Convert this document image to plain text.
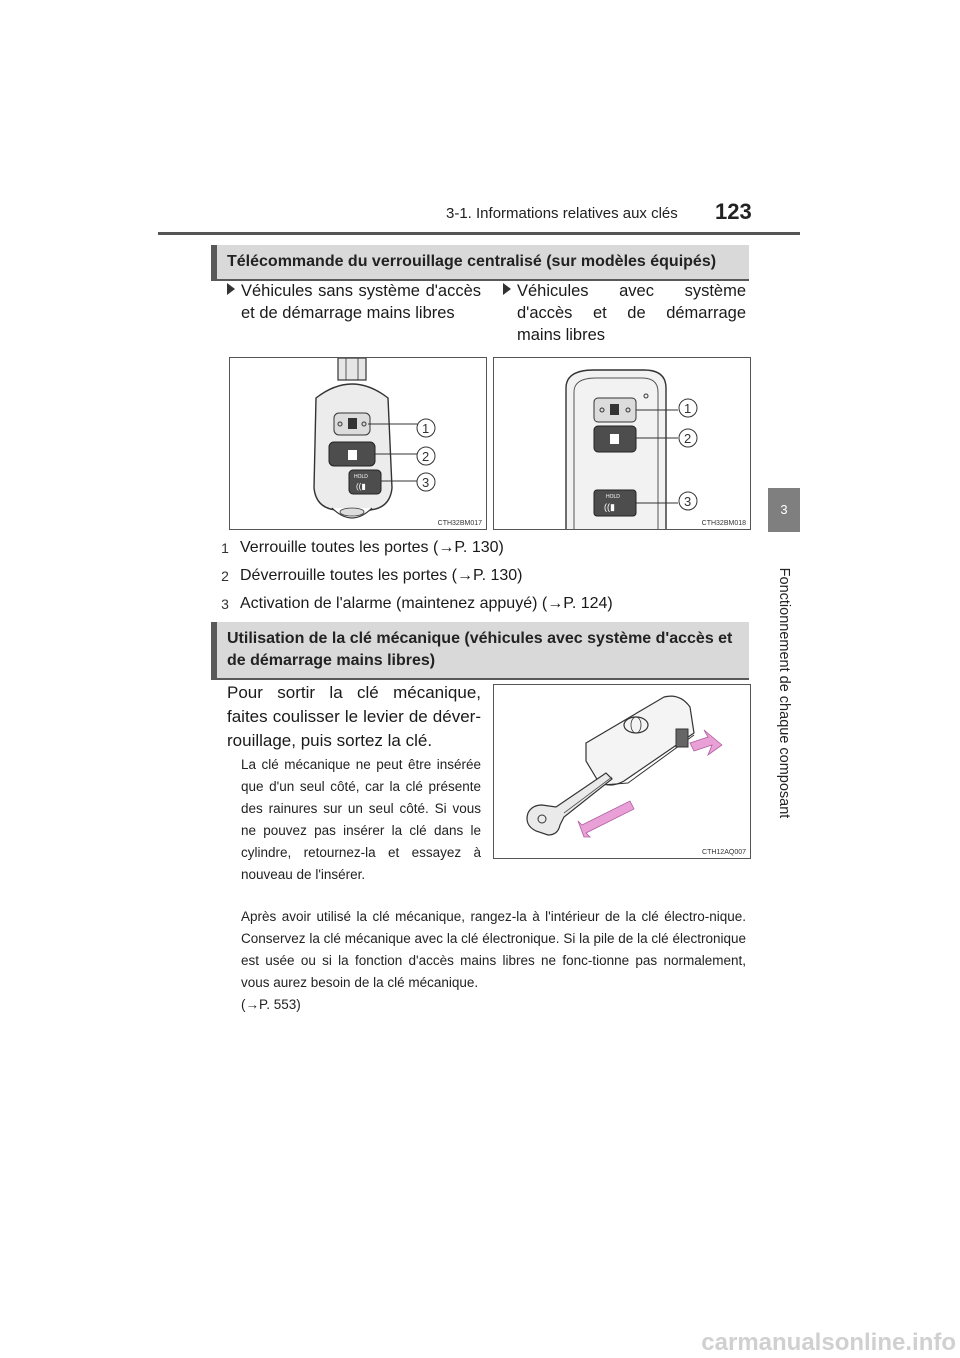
3-1. Informations relatives aux clés 123
3
Fonctionnement de chaque composant
Télécommande du verrouillage centralisé (sur modèles équipés)
Véhicules sans système d'accès et de démarrage mains libres
Véhicules avec système d'accès et de démarrage mains libres
HOLD
((▮
1
2
3
CTH32BM017
HOLD
((▮
1
2
3
CTH32BM018
1 Verrouille toutes les portes (→P. 130)
2 Déverrouille toutes les portes (→P. 130)
3 Activation de l'alarme (maintenez appuyé) (→P. 124)
Utilisation de la clé mécanique (véhicules avec système d'accès et de démarrage mains libres)
Pour sortir la clé mécanique, faites coulisser le levier de déver-rouillage, puis sortez la clé.
La clé mécanique ne peut être insérée que d'un seul côté, car la clé présente des rainures sur un seul côté. Si vous ne pouvez pas insérer la clé dans le cylindre, retournez-la et essayez à nouveau de l'insérer.
CTH12AQ007
Après avoir utilisé la clé mécanique, rangez-la à l'intérieur de la clé électro-nique. Conservez la clé mécanique avec la clé électronique. Si la pile de la clé électronique est usée ou si la fonction d'accès mains libres ne fonc-tionne pas normalement, vous aurez besoin de la clé mécanique.
(→P. 553)
carmanualsonline.info
